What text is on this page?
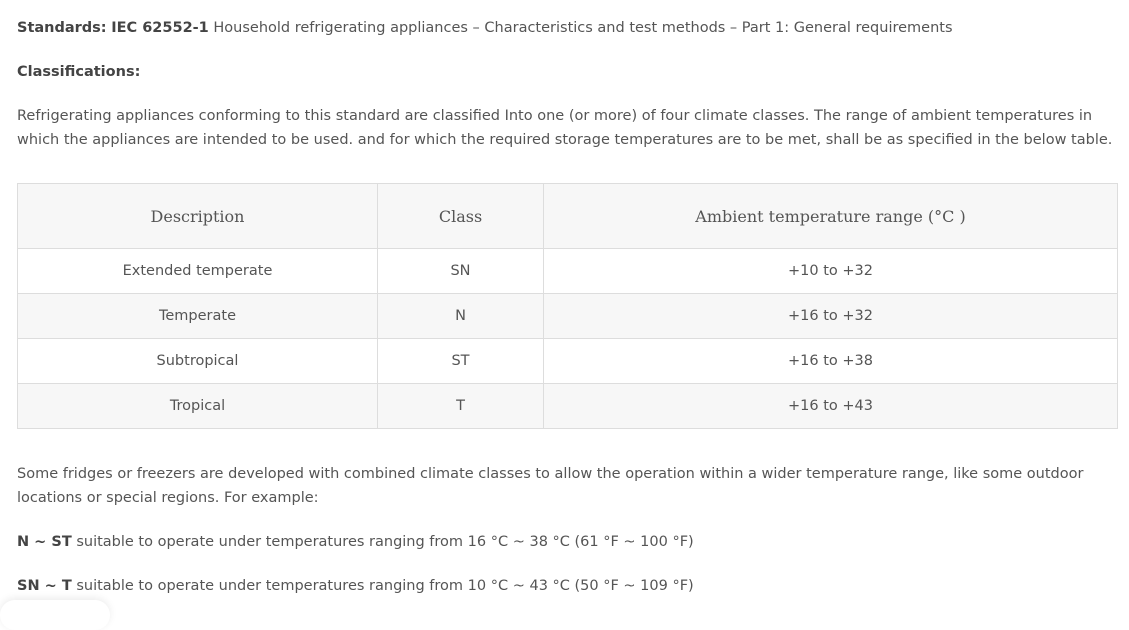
Standards: IEC 62552-1 Household refrigerating appliances – Characteristics and test methods – Part 1: General requirements

Classifications:

Refrigerating appliances conforming to this standard are classified Into one (or more) of four climate classes. The range of ambient temperatures in which the appliances are intended to be used. and for which the required storage temperatures are to be met, shall be as specified in the below table.

Description	Class	Ambient temperature range (°C )
Extended temperate	SN	+10 to +32
Temperate	N	+16 to +32
Subtropical	ST	+16 to +38
Tropical	T	+16 to +43

Some fridges or freezers are developed with combined climate classes to allow the operation within a wider temperature range, like some outdoor locations or special regions. For example:

N ~ ST suitable to operate under temperatures ranging from 16 °C ~ 38 °C (61 °F ~ 100 °F)

SN ~ T suitable to operate under temperatures ranging from 10 °C ~ 43 °C (50 °F ~ 109 °F)
